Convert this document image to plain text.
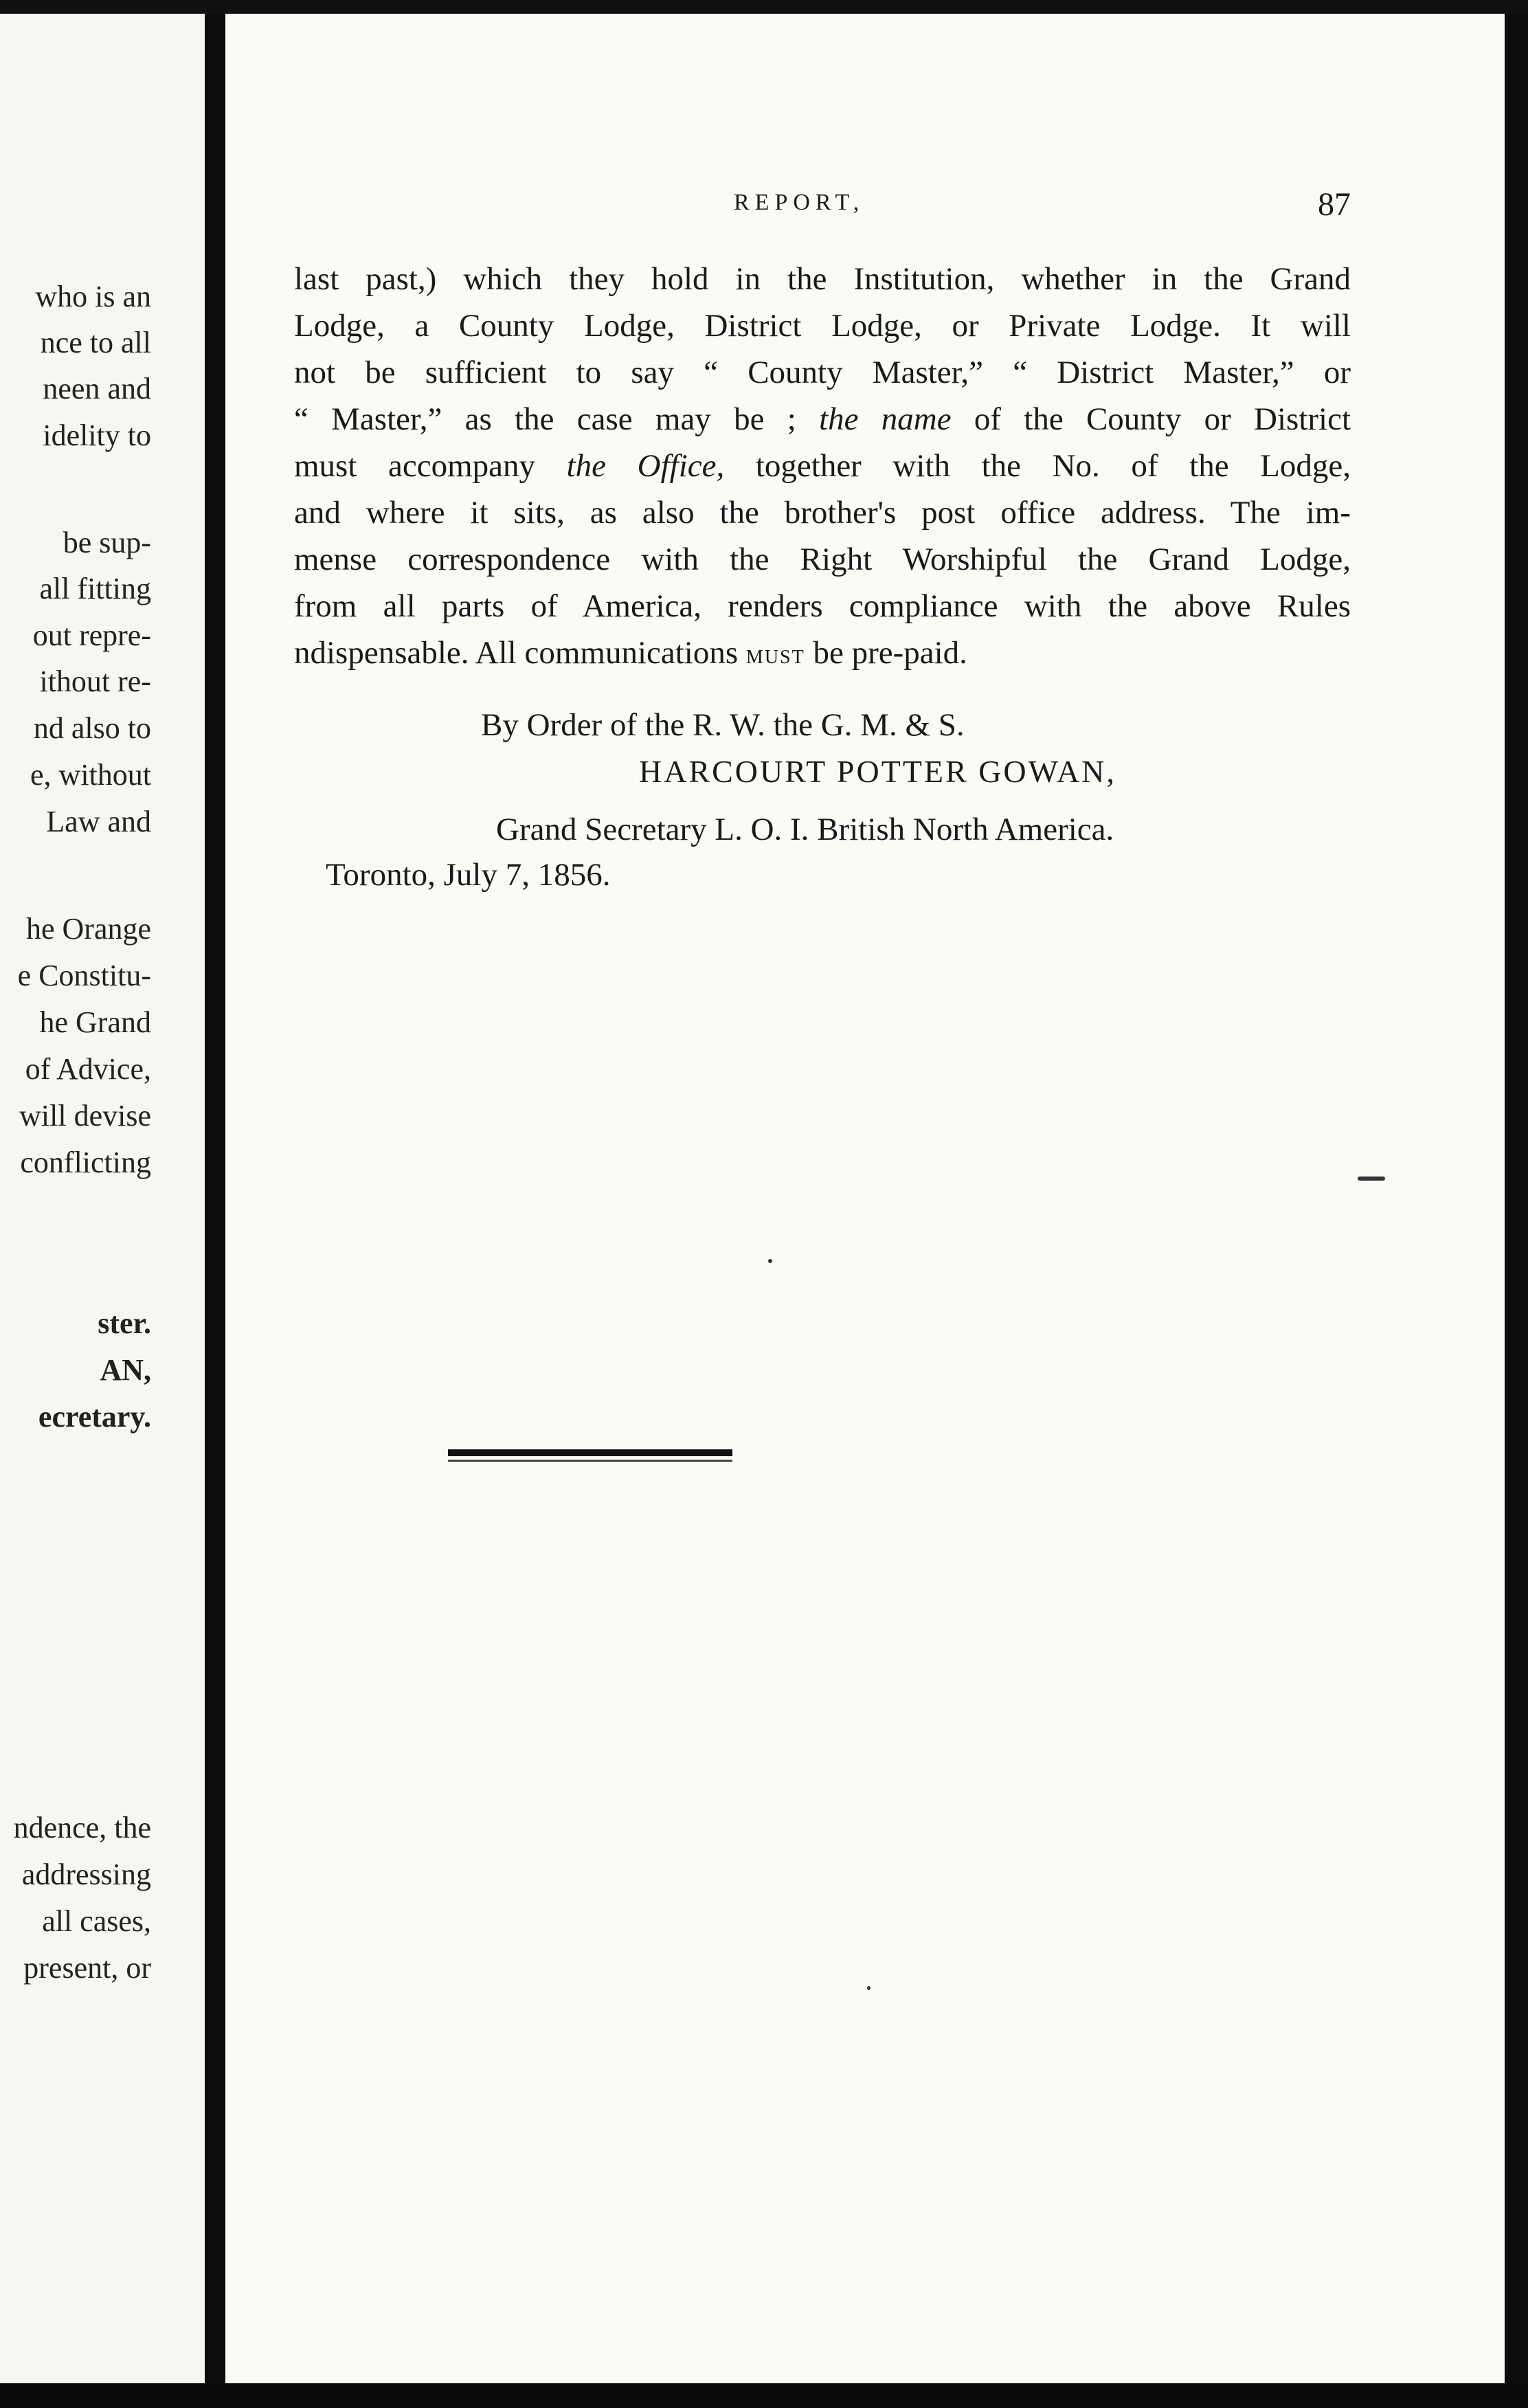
who is an
nce to all
neen and
idelity to
be sup-
all fitting
out repre-
ithout re-
nd also to
e, without
Law and
he Orange
e Constitu-
he Grand
of Advice,
will devise
conflicting
ster.
AN,
ecretary.
ndence, the
addressing
all cases,
present, or
REPORT,	87
last past,) which they hold in the Institution, whether in the Grand
Lodge, a County Lodge, District Lodge, or Private Lodge. It will
not be sufficient to say “ County Master,” “ District Master,” or
“ Master,” as the case may be ; the name of the County or District
must accompany the Office, together with the No. of the Lodge,
and where it sits, as also the brother's post office address. The im-
mense correspondence with the Right Worshipful the Grand Lodge,
from all parts of America, renders compliance with the above Rules
ndispensable. All communications must be pre-paid.
By Order of the R. W. the G. M. & S.
HARCOURT POTTER GOWAN,
Grand Secretary L. O. I. British North America.
Toronto, July 7, 1856.
